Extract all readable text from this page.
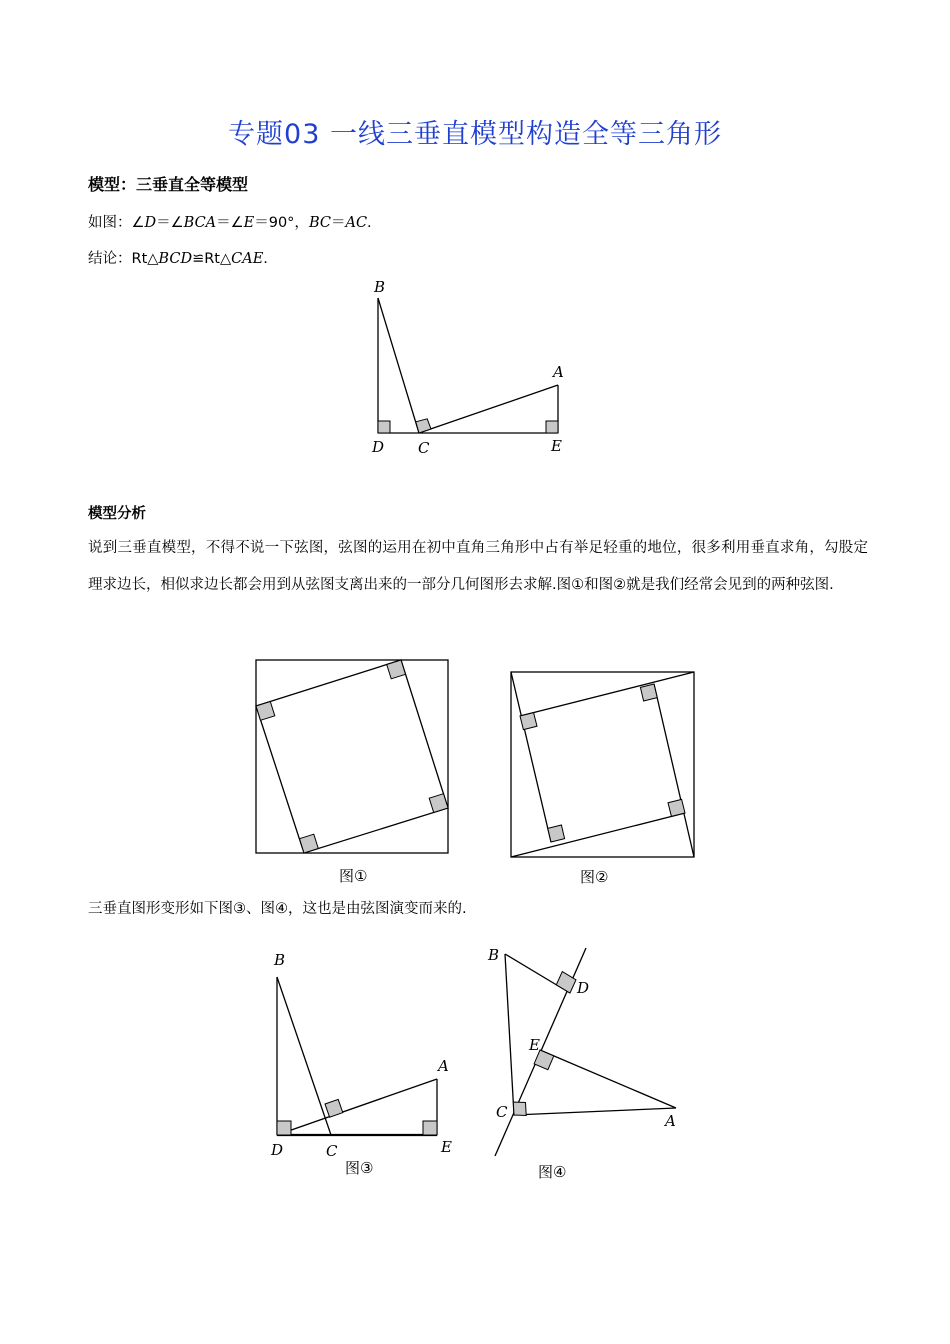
专题03 一线三垂直模型构造全等三角形
模型：三垂直全等模型
如图：∠D＝∠BCA＝∠E＝90°，BC＝AC.
结论：Rt△BCD≌Rt△CAE.
B
A
D C	E
模型分析
说到三垂直模型，不得不说一下弦图，弦图的运用在初中直角三角形中占有举足轻重的地位，很多利用垂直求角，勾股定理求边长，相似求边长都会用到从弦图支离出来的一部分几何图形去求解.图①和图②就是我们经常会见到的两种弦图.
图①	图②
三垂直图形变形如下图③、图④，这也是由弦图演变而来的.
B
A
D	C	E
图③
B
D
E
C	A
图④
